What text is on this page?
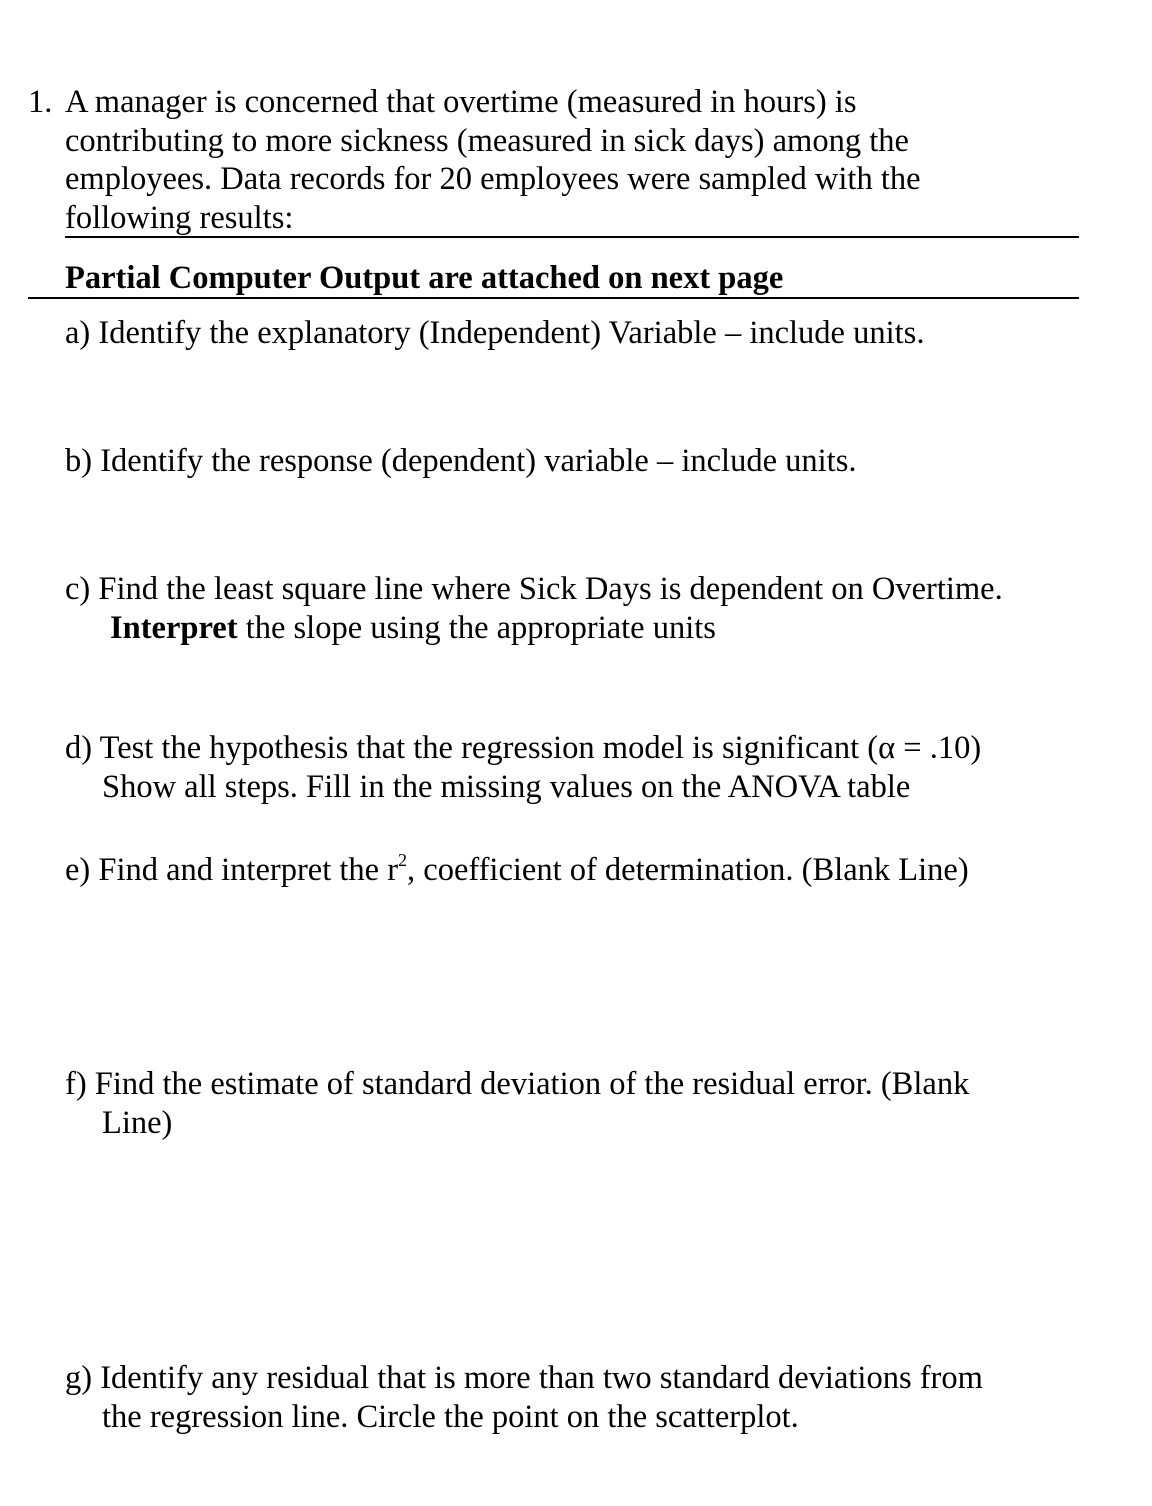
1. A manager is concerned that overtime (measured in hours) is
contributing to more sickness (measured in sick days) among the
employees. Data records for 20 employees were sampled with the
following results:
Partial Computer Output are attached on next page
a) Identify the explanatory (Independent) Variable – include units.
b) Identify the response (dependent) variable – include units.
c) Find the least square line where Sick Days is dependent on Overtime.
Interpret the slope using the appropriate units
d) Test the hypothesis that the regression model is significant (α = .10)
Show all steps. Fill in the missing values on the ANOVA table
e) Find and interpret the $r^2$, coefficient of determination. (Blank Line)
f) Find the estimate of standard deviation of the residual error. (Blank
Line)
g) Identify any residual that is more than two standard deviations from
the regression line. Circle the point on the scatterplot.
